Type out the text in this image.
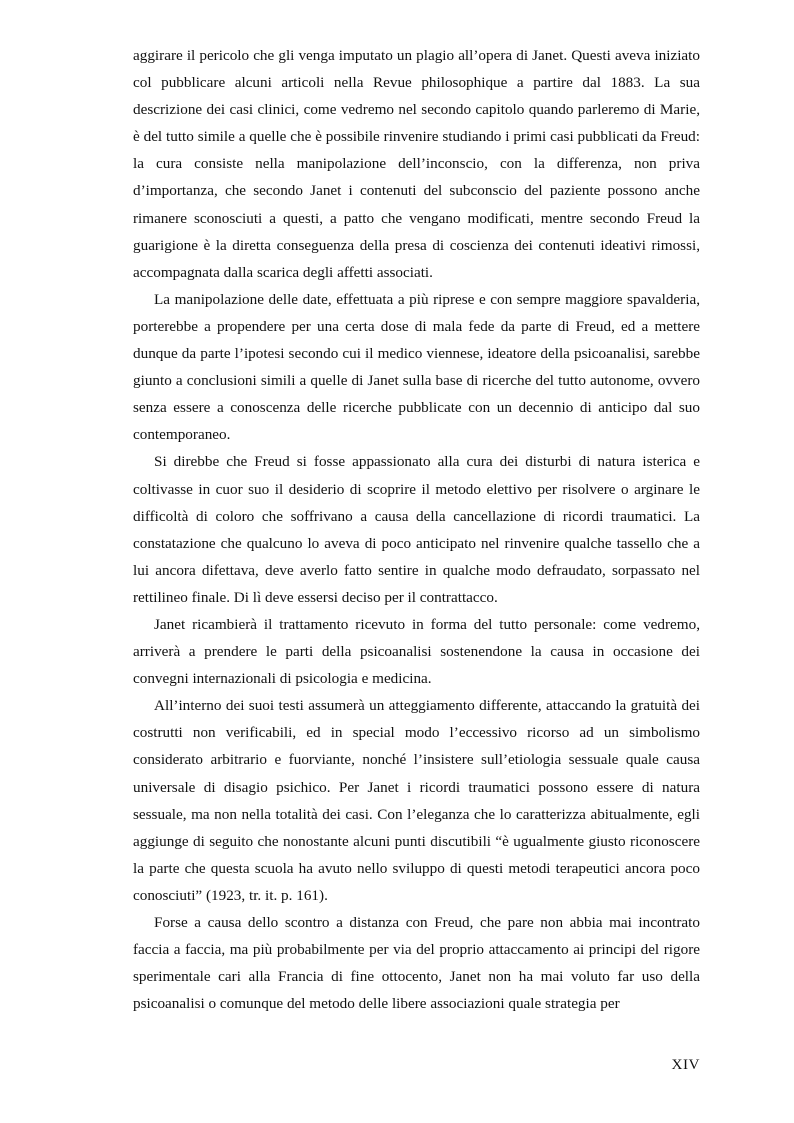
aggirare il pericolo che gli venga imputato un plagio all’opera di Janet. Questi aveva iniziato col pubblicare alcuni articoli nella Revue philosophique a partire dal 1883. La sua descrizione dei casi clinici, come vedremo nel secondo capitolo quando parleremo di Marie, è del tutto simile a quelle che è possibile rinvenire studiando i primi casi pubblicati da Freud: la cura consiste nella manipolazione dell’inconscio, con la differenza, non priva d’importanza, che secondo Janet i contenuti del subconscio del paziente possono anche rimanere sconosciuti a questi, a patto che vengano modificati, mentre secondo Freud la guarigione è la diretta conseguenza della presa di coscienza dei contenuti ideativi rimossi, accompagnata dalla scarica degli affetti associati.

La manipolazione delle date, effettuata a più riprese e con sempre maggiore spavalderia, porterebbe a propendere per una certa dose di mala fede da parte di Freud, ed a mettere dunque da parte l’ipotesi secondo cui il medico viennese, ideatore della psicoanalisi, sarebbe giunto a conclusioni simili a quelle di Janet sulla base di ricerche del tutto autonome, ovvero senza essere a conoscenza delle ricerche pubblicate con un decennio di anticipo dal suo contemporaneo.

Si direbbe che Freud si fosse appassionato alla cura dei disturbi di natura isterica e coltivasse in cuor suo il desiderio di scoprire il metodo elettivo per risolvere o arginare le difficoltà di coloro che soffrivano a causa della cancellazione di ricordi traumatici. La constatazione che qualcuno lo aveva di poco anticipato nel rinvenire qualche tassello che a lui ancora difettava, deve averlo fatto sentire in qualche modo defraudato, sorpassato nel rettilineo finale. Di lì deve essersi deciso per il contrattacco.

Janet ricambierà il trattamento ricevuto in forma del tutto personale: come vedremo, arriverà a prendere le parti della psicoanalisi sostenendone la causa in occasione dei convegni internazionali di psicologia e medicina.

All’interno dei suoi testi assumerà un atteggiamento differente, attaccando la gratuità dei costrutti non verificabili, ed in special modo l’eccessivo ricorso ad un simbolismo considerato arbitrario e fuorviante, nonché l’insistere sull’etiologia sessuale quale causa universale di disagio psichico. Per Janet i ricordi traumatici possono essere di natura sessuale, ma non nella totalità dei casi. Con l’eleganza che lo caratterizza abitualmente, egli aggiunge di seguito che nonostante alcuni punti discutibili “è ugualmente giusto riconoscere la parte che questa scuola ha avuto nello sviluppo di questi metodi terapeutici ancora poco conosciuti” (1923, tr. it. p. 161).

Forse a causa dello scontro a distanza con Freud, che pare non abbia mai incontrato faccia a faccia, ma più probabilmente per via del proprio attaccamento ai principi del rigore sperimentale cari alla Francia di fine ottocento, Janet non ha mai voluto far uso della psicoanalisi o comunque del metodo delle libere associazioni quale strategia per

XIV
